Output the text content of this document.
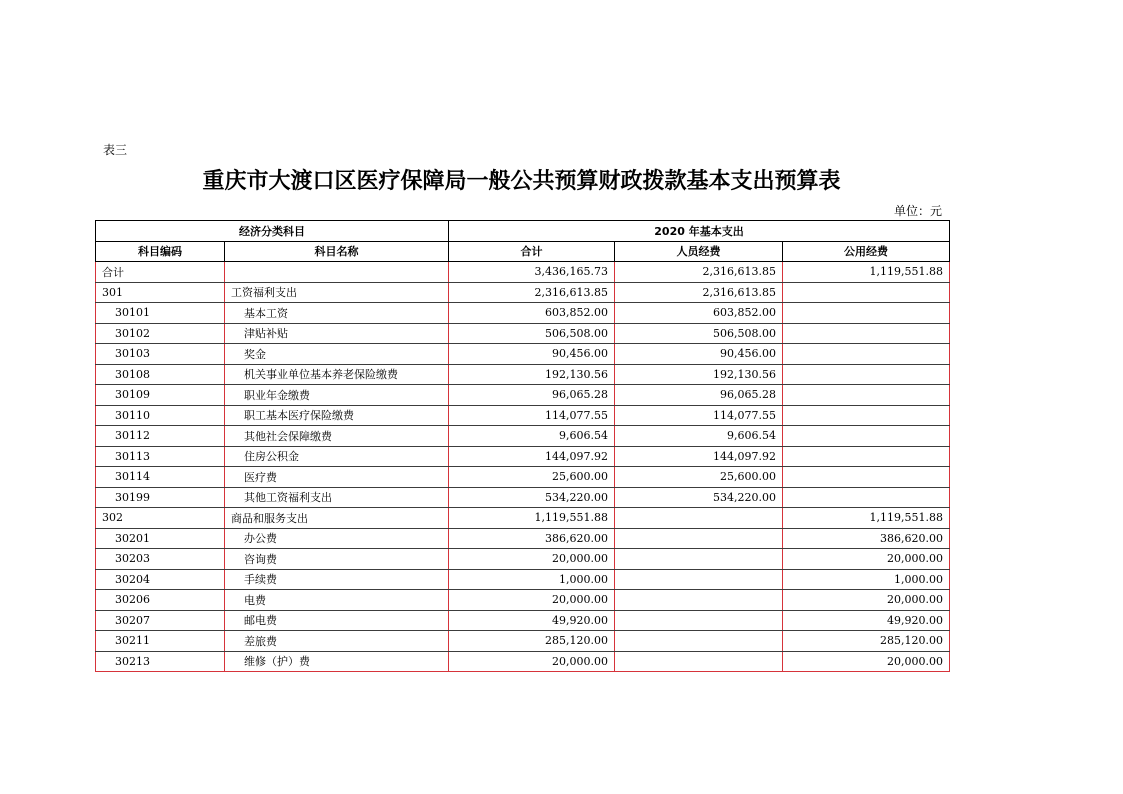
表三
重庆市大渡口区医疗保障局一般公共预算财政拨款基本支出预算表
单位：元
经济分类科目		2020 年基本支出		
科目编码	科目名称	合计	人员经费	公用经费
合计		3,436,165.73	2,316,613.85	1,119,551.88
301	工资福利支出	2,316,613.85	2,316,613.85	
30101	基本工资	603,852.00	603,852.00	
30102	津贴补贴	506,508.00	506,508.00	
30103	奖金	90,456.00	90,456.00	
30108	机关事业单位基本养老保险缴费	192,130.56	192,130.56	
30109	职业年金缴费	96,065.28	96,065.28	
30110	职工基本医疗保险缴费	114,077.55	114,077.55	
30112	其他社会保障缴费	9,606.54	9,606.54	
30113	住房公积金	144,097.92	144,097.92	
30114	医疗费	25,600.00	25,600.00	
30199	其他工资福利支出	534,220.00	534,220.00	
302	商品和服务支出	1,119,551.88		1,119,551.88
30201	办公费	386,620.00		386,620.00
30203	咨询费	20,000.00		20,000.00
30204	手续费	1,000.00		1,000.00
30206	电费	20,000.00		20,000.00
30207	邮电费	49,920.00		49,920.00
30211	差旅费	285,120.00		285,120.00
30213	维修（护）费	20,000.00		20,000.00
